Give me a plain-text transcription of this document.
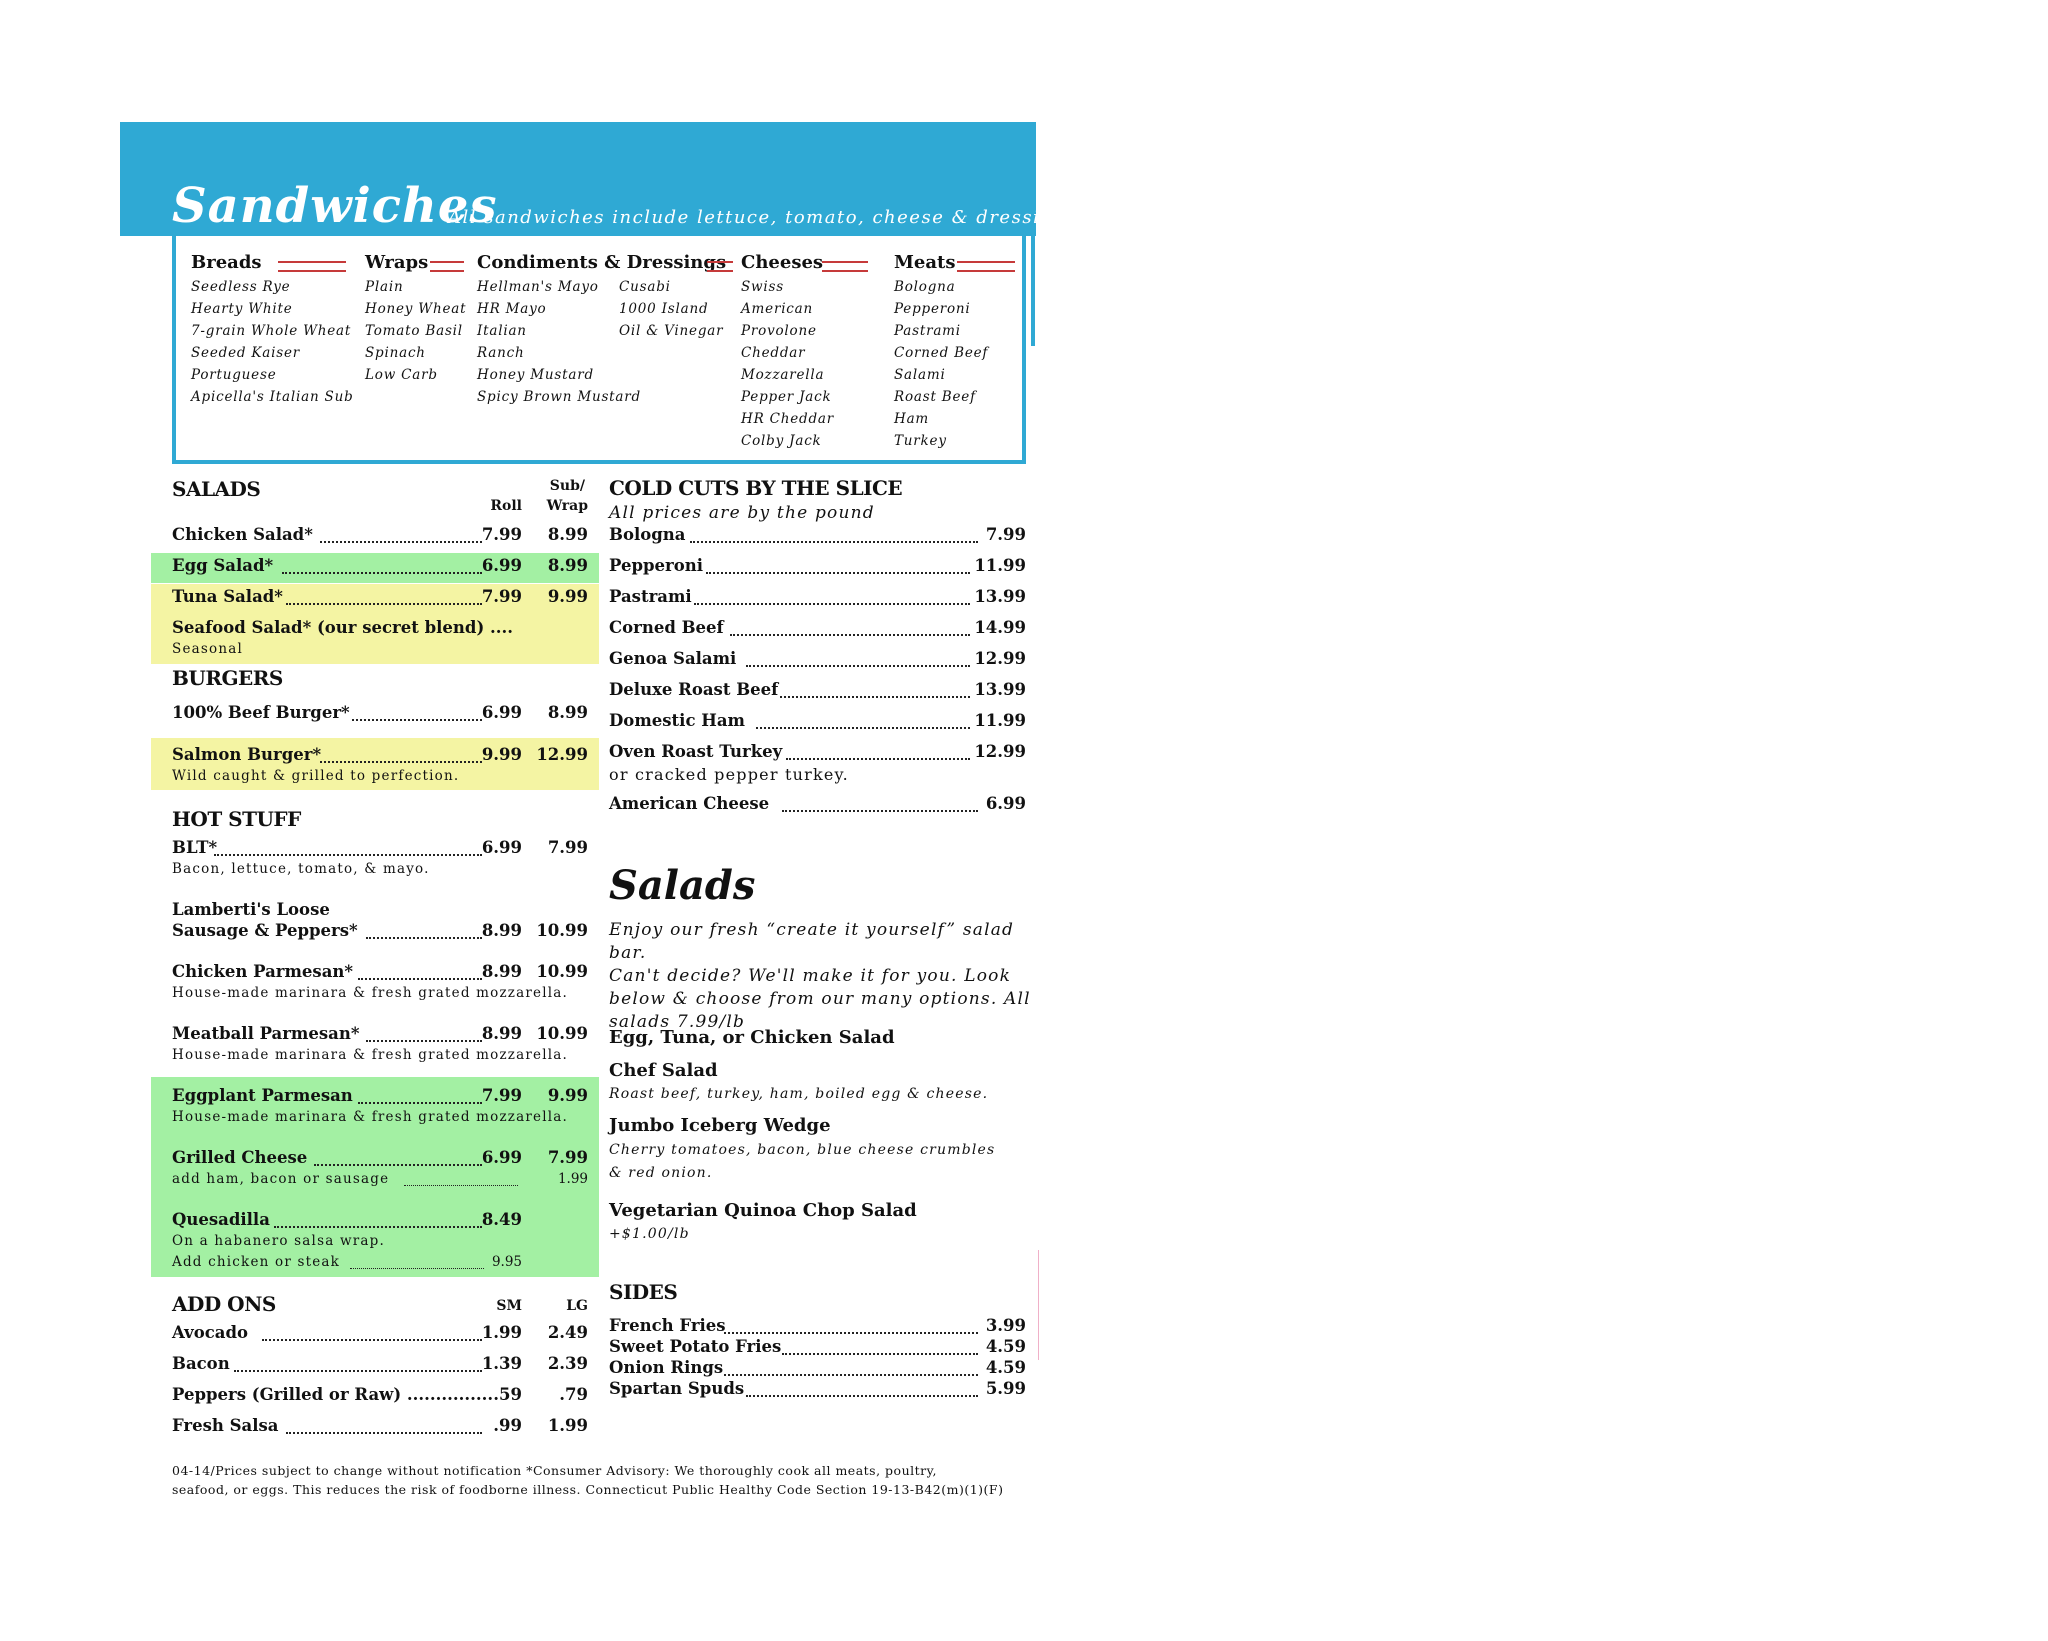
Sandwiches
All sandwiches include lettuce, tomato, cheese & dressing.
Breads
Seedless Rye
Hearty White
7-grain Whole Wheat
Seeded Kaiser
Portuguese
Apicella's Italian Sub
Wraps
Plain
Honey Wheat
Tomato Basil
Spinach
Low Carb
Condiments & Dressings
Hellman's Mayo
HR Mayo
Italian
Ranch
Honey Mustard
Spicy Brown Mustard
Cusabi
1000 Island
Oil & Vinegar
Cheeses
Swiss
American
Provolone
Cheddar
Mozzarella
Pepper Jack
HR Cheddar
Colby Jack
Meats
Bologna
Pepperoni
Pastrami
Corned Beef
Salami
Roast Beef
Ham
Turkey
SALADS	Sub/
Roll	Wrap
Chicken Salad*	7.99	8.99
Egg Salad*	6.99	8.99
Tuna Salad*	7.99	9.99
Seafood Salad* (our secret blend) ....
Seasonal
BURGERS
100% Beef Burger*	6.99	8.99
Salmon Burger*	9.99 12.99
Wild caught & grilled to perfection.
HOT STUFF
BLT*	6.99	7.99
Bacon, lettuce, tomato, & mayo.
Lamberti's Loose
Sausage & Peppers*	8.99 10.99
Chicken Parmesan*	8.99 10.99
House-made marinara & fresh grated mozzarella.
Meatball Parmesan*	8.99 10.99
House-made marinara & fresh grated mozzarella.
Eggplant Parmesan	7.99	9.99
House-made marinara & fresh grated mozzarella.
Grilled Cheese	6.99	7.99
add ham, bacon or sausage	1.99
Quesadilla	8.49
On a habanero salsa wrap.
Add chicken or steak	9.95
ADD ONS	SM	LG
Avocado	1.99	2.49
Bacon	1.39	2.39
Peppers (Grilled or Raw) ............... .59	.79
Fresh Salsa	.99	1.99
COLD CUTS BY THE SLICE
All prices are by the pound
Bologna	7.99
Pepperoni	11.99
Pastrami	13.99
Corned Beef	14.99
Genoa Salami	12.99
Deluxe Roast Beef	13.99
Domestic Ham	11.99
Oven Roast Turkey	12.99
or cracked pepper turkey.
American Cheese	6.99
Salads
Enjoy our fresh “create it yourself” salad bar.
Can't decide? We'll make it for you. Look
below & choose from our many options. All
salads 7.99/lb
Egg, Tuna, or Chicken Salad
Chef Salad
Roast beef, turkey, ham, boiled egg & cheese.
Jumbo Iceberg Wedge
Cherry tomatoes, bacon, blue cheese crumbles
& red onion.
Vegetarian Quinoa Chop Salad
+$1.00/lb
SIDES
French Fries	3.99
Sweet Potato Fries	4.59
Onion Rings	4.59
Spartan Spuds	5.99
04-14/Prices subject to change without notification *Consumer Advisory: We thoroughly cook all meats, poultry,
seafood, or eggs. This reduces the risk of foodborne illness. Connecticut Public Healthy Code Section 19-13-B42(m)(1)(F)
